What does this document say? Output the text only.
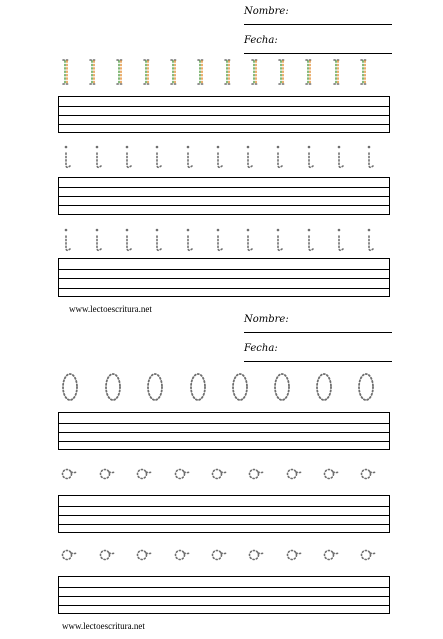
Nombre:
Fecha:
www.lectoescritura.net
Nombre:
Fecha:
www.lectoescritura.net
